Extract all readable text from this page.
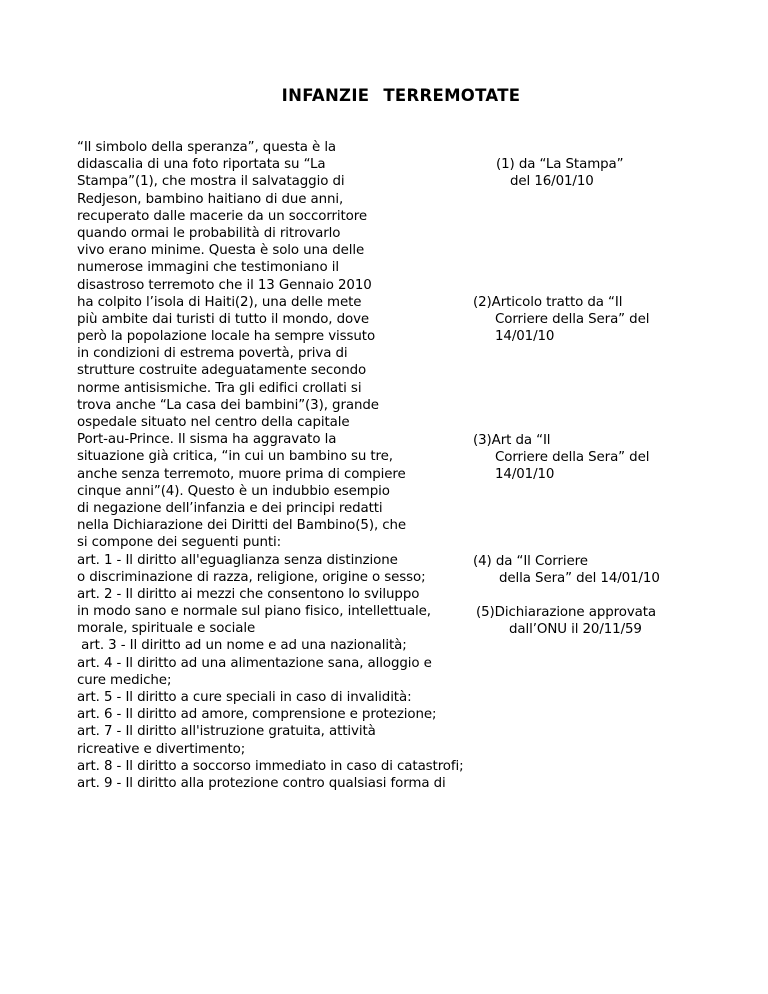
INFANZIE TERREMOTATE
“Il simbolo della speranza”, questa è la
didascalia di una foto riportata su “La
Stampa”(1), che mostra il salvataggio di
Redjeson, bambino haitiano di due anni,
recuperato dalle macerie da un soccorritore
quando ormai le probabilità di ritrovarlo
vivo erano minime. Questa è solo una delle
numerose immagini che testimoniano il
disastroso terremoto che il 13 Gennaio 2010
ha colpito l’isola di Haiti(2), una delle mete
più ambite dai turisti di tutto il mondo, dove
però la popolazione locale ha sempre vissuto
in condizioni di estrema povertà, priva di
strutture costruite adeguatamente secondo
norme antisismiche. Tra gli edifici crollati si
trova anche “La casa dei bambini”(3), grande
ospedale situato nel centro della capitale
Port-au-Prince. Il sisma ha aggravato la
situazione già critica, “in cui un bambino su tre,
anche senza terremoto, muore prima di compiere
cinque anni”(4). Questo è un indubbio esempio
di negazione dell’infanzia e dei principi redatti
nella Dichiarazione dei Diritti del Bambino(5), che
si compone dei seguenti punti:
art. 1 - Il diritto all'eguaglianza senza distinzione
o discriminazione di razza, religione, origine o sesso;
art. 2 - Il diritto ai mezzi che consentono lo sviluppo
in modo sano e normale sul piano fisico, intellettuale,
morale, spirituale e sociale
art. 3 - Il diritto ad un nome e ad una nazionalità;
art. 4 - Il diritto ad una alimentazione sana, alloggio e
cure mediche;
art. 5 - Il diritto a cure speciali in caso di invalidità:
art. 6 - Il diritto ad amore, comprensione e protezione;
art. 7 - Il diritto all'istruzione gratuita, attività
ricreative e divertimento;
art. 8 - Il diritto a soccorso immediato in caso di catastrofi;
art. 9 - Il diritto alla protezione contro qualsiasi forma di
(1) da “La Stampa”
del 16/01/10
(2)Articolo tratto da “Il
Corriere della Sera” del
14/01/10
(3)Art da “Il
Corriere della Sera” del
14/01/10
(4) da “Il Corriere
della Sera” del 14/01/10
(5)Dichiarazione approvata
dall’ONU il 20/11/59
